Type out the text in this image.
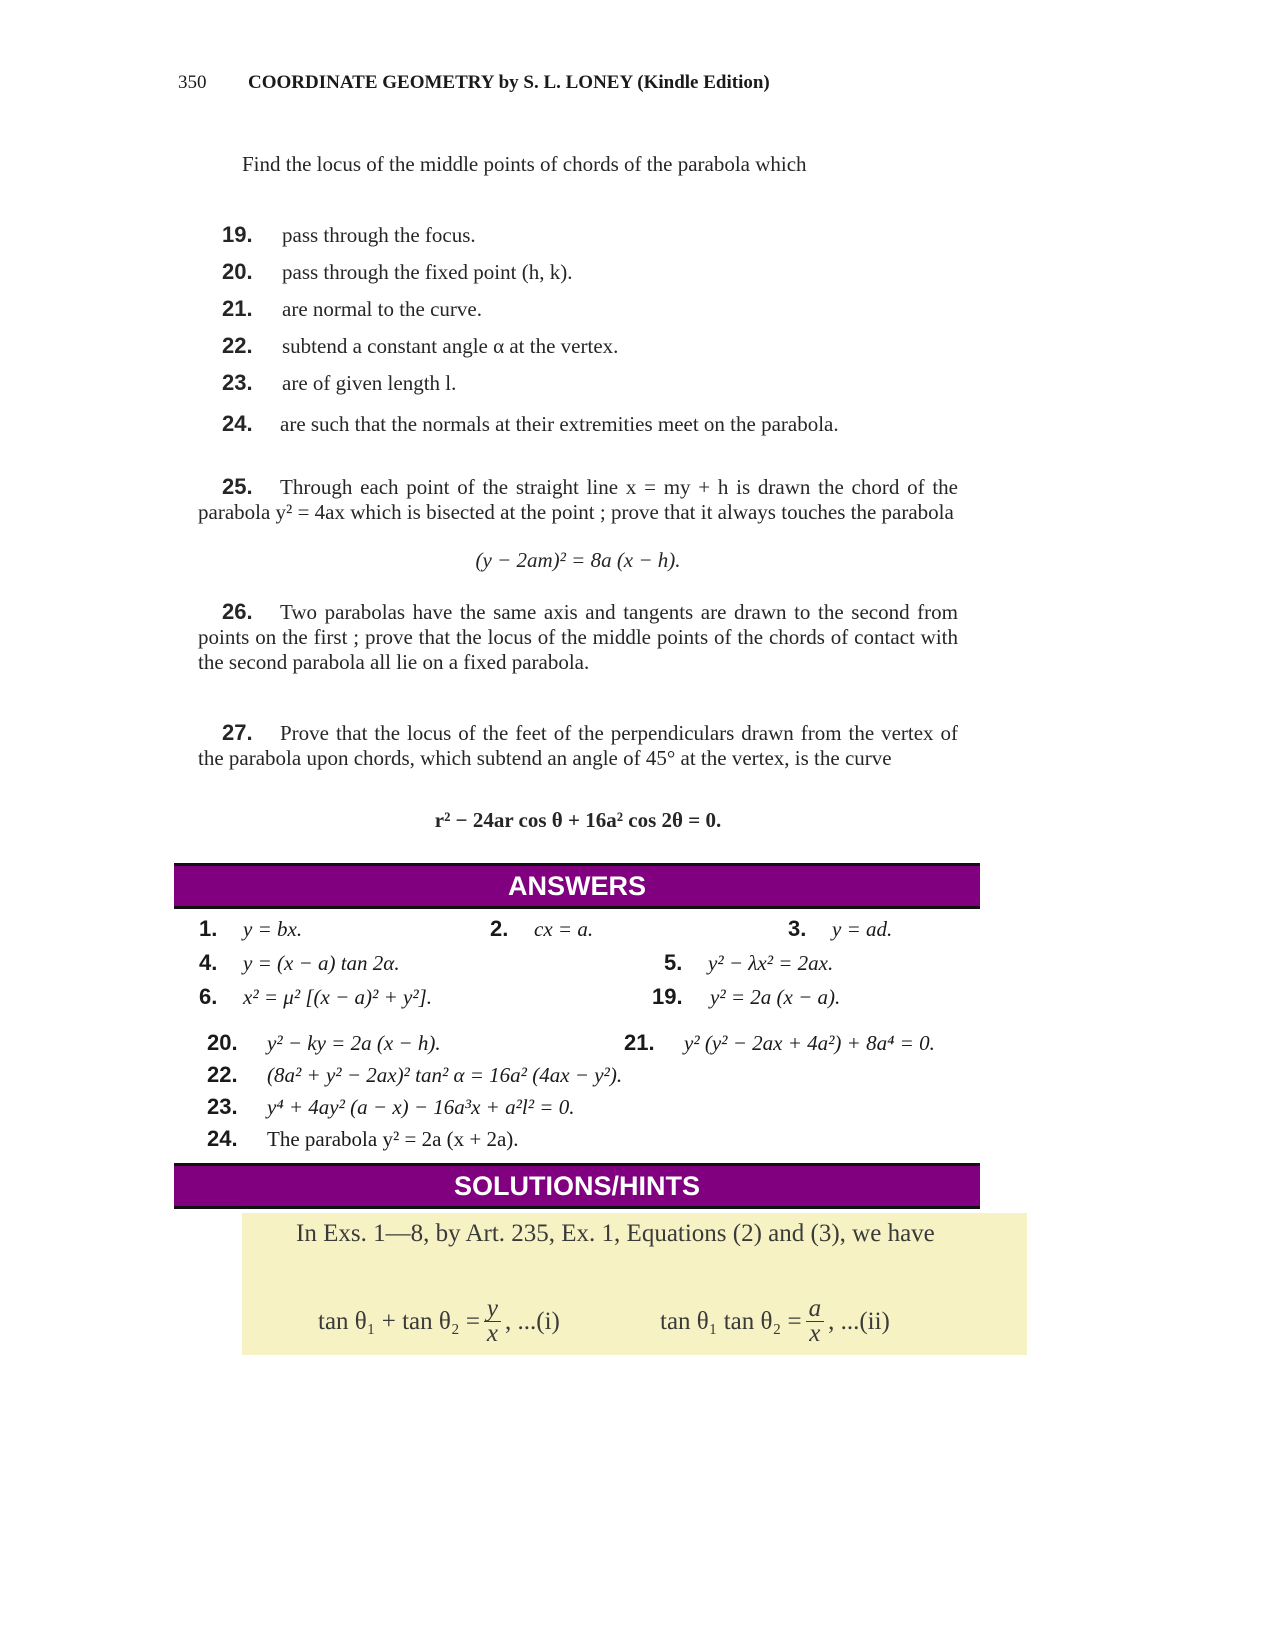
350 COORDINATE GEOMETRY by S. L. LONEY (Kindle Edition)
Find the locus of the middle points of chords of the parabola which
19. pass through the focus.
20. pass through the fixed point (h, k).
21. are normal to the curve.
22. subtend a constant angle α at the vertex.
23. are of given length l.
24. are such that the normals at their extremities meet on the parabola.
25. Through each point of the straight line x = my + h is drawn the chord of the parabola y² = 4ax which is bisected at the point ; prove that it always touches the parabola
(y − 2am)² = 8a (x − h).
26. Two parabolas have the same axis and tangents are drawn to the second from points on the first ; prove that the locus of the middle points of the chords of contact with the second parabola all lie on a fixed parabola.
27. Prove that the locus of the feet of the perpendiculars drawn from the vertex of the parabola upon chords, which subtend an angle of 45° at the vertex, is the curve
r² − 24ar cos θ + 16a² cos 2θ = 0.
ANSWERS
1. y = bx.	2. cx = a.	3. y = ad.
4. y = (x − a) tan 2α.	5. y² − λx² = 2ax.
6. x² = μ² [(x − a)² + y²].	19. y² = 2a (x − a).
20. y² − ky = 2a (x − h).	21. y² (y² − 2ax + 4a²) + 8a⁴ = 0.
22. (8a² + y² − 2ax)² tan² α = 16a² (4ax − y²).
23. y⁴ + 4ay² (a − x) − 16a³x + a²l² = 0.
24. The parabola y² = 2a (x + 2a).
SOLUTIONS/HINTS
In Exs. 1—8, by Art. 235, Ex. 1, Equations (2) and (3), we have
$\tan \theta_1 + \tan \theta_2 = \frac{y}{x}$ , ...(i)	tan θ₁ $\tan \theta_2 = \frac{a}{x}$ , ...(ii)
